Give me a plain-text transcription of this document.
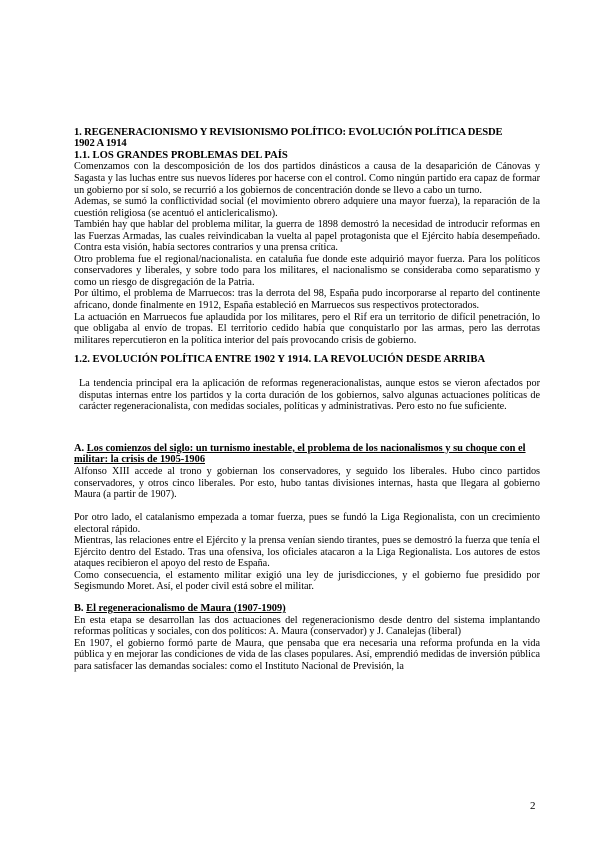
1. REGENERACIONISMO Y REVISIONISMO POLÍTICO: EVOLUCIÓN POLÍTICA DESDE
1902 A 1914
1.1. LOS GRANDES PROBLEMAS DEL PAÍS

Comenzamos con la descomposición de los dos partidos dinásticos a causa de la desaparición de Cánovas y Sagasta y las luchas entre sus nuevos líderes por hacerse con el control. Como ningún partido era capaz de formar un gobierno por sí solo, se recurrió a los gobiernos de concentración donde se llevo a cabo un turno.

Ademas, se sumó la conflictividad social (el movimiento obrero adquiere una mayor fuerza), la reparación de la cuestión religiosa (se acentuó el anticlericalismo).

También hay que hablar del problema militar, la guerra de 1898 demostró la necesidad de introducir reformas en las Fuerzas Armadas, las cuales reivindicaban la vuelta al papel protagonista que el Ejército había desempeñado. Contra esta visión, había sectores contrarios y una prensa crítica.

Otro problema fue el regional/nacionalista. en cataluña fue donde este adquirió mayor fuerza. Para los políticos conservadores y liberales, y sobre todo para los militares, el nacionalismo se consideraba como separatismo y como un riesgo de disgregación de la Patria.

Por último, el problema de Marruecos: tras la derrota del 98, España pudo incorporarse al reparto del continente africano, donde finalmente en 1912, España estableció en Marruecos sus respectivos protectorados.

La actuación en Marruecos fue aplaudida por los militares, pero el Rif era un territorio de difícil penetración, lo que obligaba al envío de tropas. El territorio cedido había que conquistarlo por las armas, pero las derrotas militares repercutieron en la política interior del país provocando crisis de gobierno.

1.2. EVOLUCIÓN POLÍTICA ENTRE 1902 Y 1914. LA REVOLUCIÓN DESDE ARRIBA

La tendencia principal era la aplicación de reformas regeneracionalistas, aunque estos se vieron afectados por disputas internas entre los partidos y la corta duración de los gobiernos, salvo algunas actuaciones políticas de carácter regeneracionalista, con medidas sociales, políticas y administrativas. Pero esto no fue suficiente.

A. Los comienzos del siglo: un turnismo inestable, el problema de los nacionalismos y su choque con el militar: la crisis de 1905-1906

Alfonso XIII accede al trono y gobiernan los conservadores, y seguido los liberales. Hubo cinco partidos conservadores, y otros cinco liberales. Por esto, hubo tantas divisiones internas, hasta que llegara al gobierno Maura (a partir de 1907).

Por otro lado, el catalanismo empezada a tomar fuerza, pues se fundó la Liga Regionalista, con un crecimiento electoral rápido.

Mientras, las relaciones entre el Ejército y la prensa venían siendo tirantes, pues se demostró la fuerza que tenía el Ejército dentro del Estado. Tras una ofensiva, los oficiales atacaron a la Liga Regionalista. Los autores de estos ataques recibieron el apoyo del resto de España.

Como consecuencia, el estamento militar exigió una ley de jurisdicciones, y el gobierno fue presidido por Segismundo Moret. Así, el poder civil está sobre el militar.

B. El regeneracionalismo de Maura (1907-1909)

En esta etapa se desarrollan las dos actuaciones del regeneracionismo desde dentro del sistema implantando reformas políticas y sociales, con dos políticos: A. Maura (conservador) y J. Canalejas (liberal)

En 1907, el gobierno formó parte de Maura, que pensaba que era necesaria una reforma profunda en la vida pública y en mejorar las condiciones de vida de las clases populares. Así, emprendió medidas de inversión pública para satisfacer las demandas sociales: como el Instituto Nacional de Previsión, la

2
